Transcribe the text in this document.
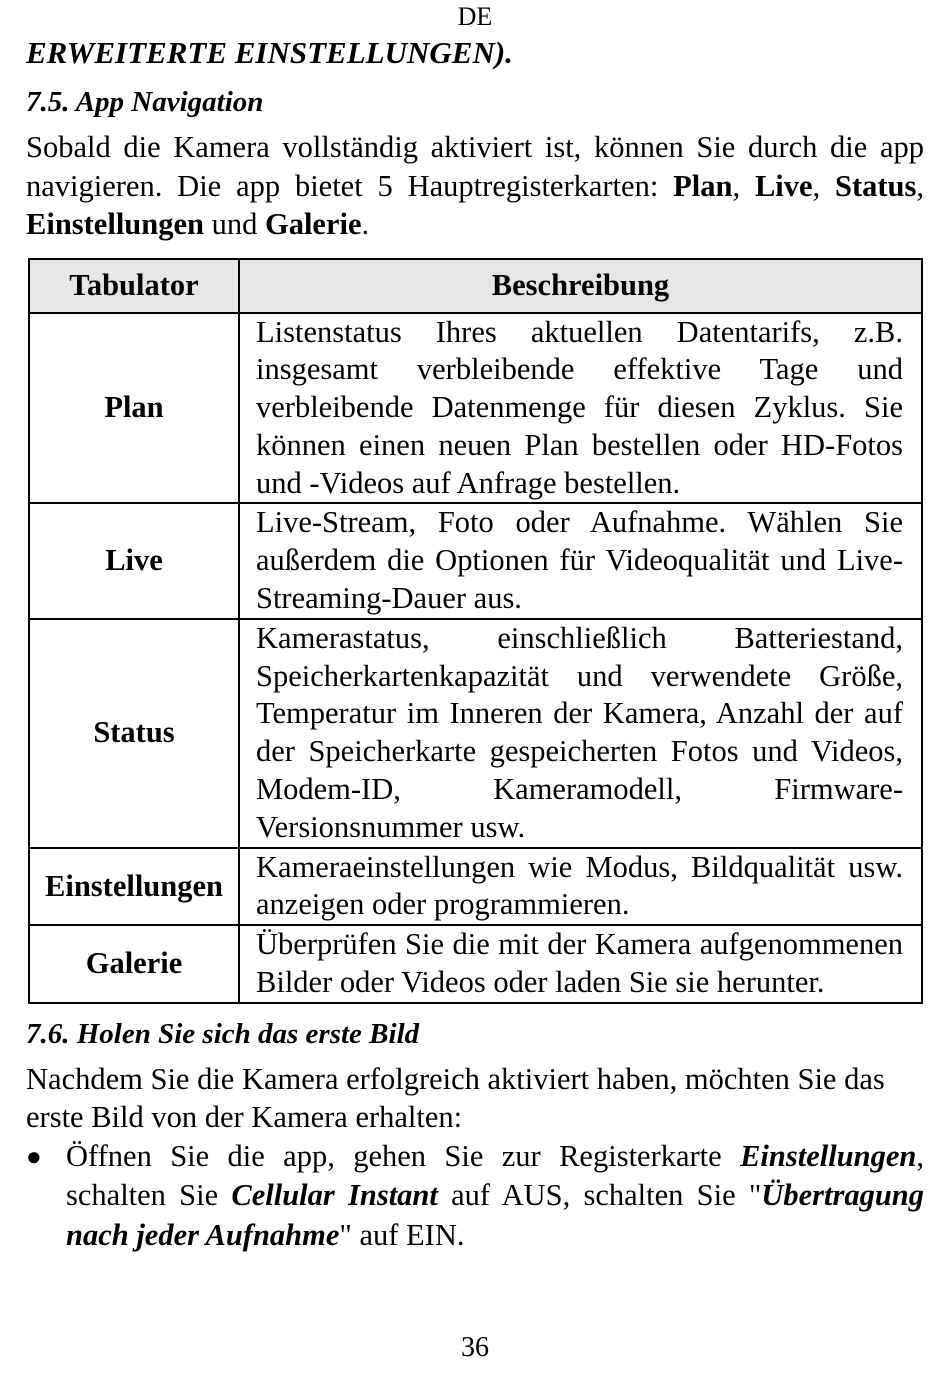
DE

ERWEITERTE EINSTELLUNGEN).

7.5. App Navigation

Sobald die Kamera vollständig aktiviert ist, können Sie durch die app navigieren. Die app bietet 5 Hauptregisterkarten: Plan, Live, Status, Einstellungen und Galerie.

Tabulator	Beschreibung
Plan	Listenstatus Ihres aktuellen Datentarifs, z.B. insgesamt verbleibende effektive Tage und verbleibende Datenmenge für diesen Zyklus. Sie können einen neuen Plan bestellen oder HD-Fotos und -Videos auf Anfrage bestellen.
Live	Live-Stream, Foto oder Aufnahme. Wählen Sie außerdem die Optionen für Videoqualität und Live-Streaming-Dauer aus.
Status	Kamerastatus, einschließlich Batteriestand, Speicherkartenkapazität und verwendete Größe, Temperatur im Inneren der Kamera, Anzahl der auf der Speicherkarte gespeicherten Fotos und Videos, Modem-ID, Kameramodell, Firmware-Versionsnummer usw.
Einstellungen	Kameraeinstellungen wie Modus, Bildqualität usw. anzeigen oder programmieren.
Galerie	Überprüfen Sie die mit der Kamera aufgenommenen Bilder oder Videos oder laden Sie sie herunter.
7.6. Holen Sie sich das erste Bild

Nachdem Sie die Kamera erfolgreich aktiviert haben, möchten Sie das erste Bild von der Kamera erhalten:

● Öffnen Sie die app, gehen Sie zur Registerkarte Einstellungen, schalten Sie Cellular Instant auf AUS, schalten Sie "Übertragung nach jeder Aufnahme" auf EIN.
36
